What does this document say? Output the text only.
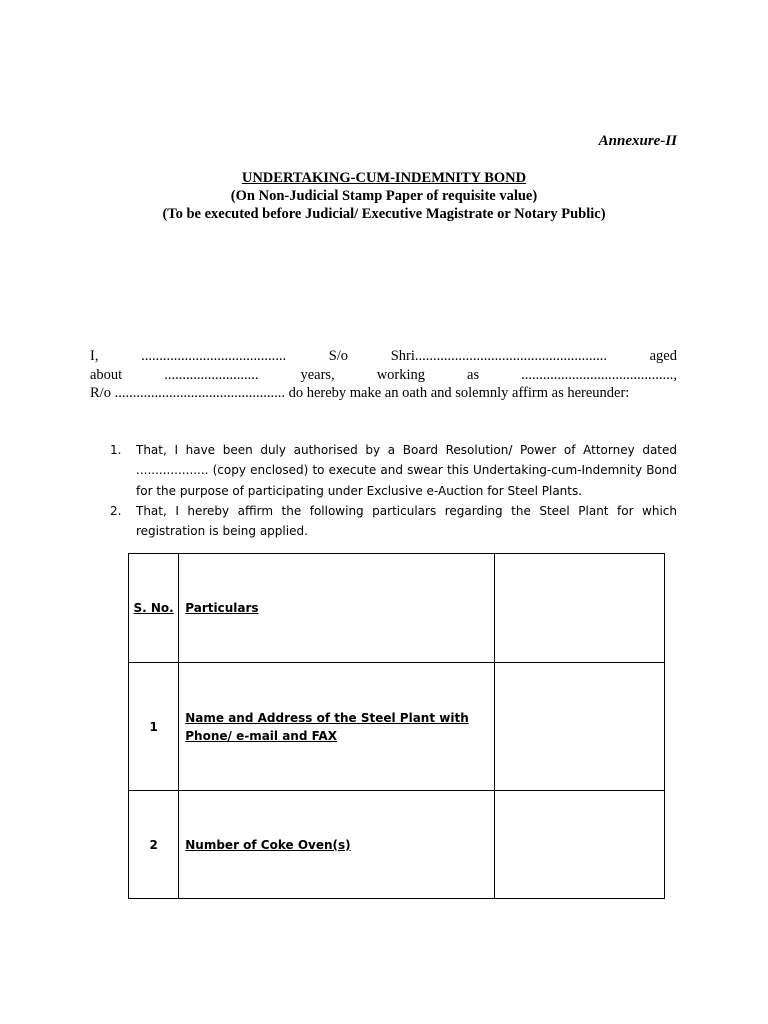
Annexure-II
UNDERTAKING-CUM-INDEMNITY BOND
(On Non-Judicial Stamp Paper of requisite value)
(To be executed before Judicial/ Executive Magistrate or Notary Public)
I,	........................................	S/o	Shri.....................................................	aged
about	..........................	years,	working	as	..........................................,
R/o ............................................... do hereby make an oath and solemnly affirm as hereunder:
1. That, I have been duly authorised by a Board Resolution/ Power of Attorney dated ................... (copy enclosed) to execute and swear this Undertaking-cum-Indemnity Bond for the purpose of participating under Exclusive e-Auction for Steel Plants.
2. That, I hereby affirm the following particulars regarding the Steel Plant for which registration is being applied.
S. No.	Particulars	
1	Name and Address of the Steel Plant with Phone/ e-mail and FAX	
2	Number of Coke Oven(s)	
